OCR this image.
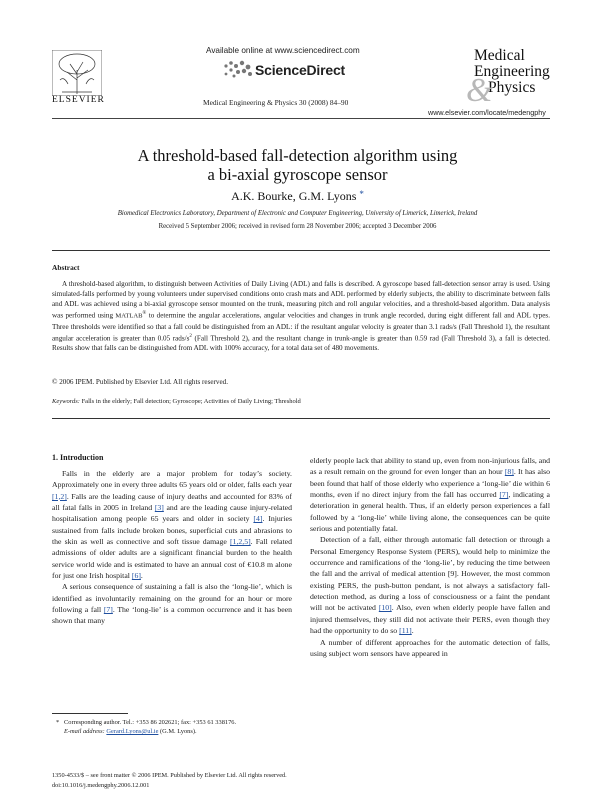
Available online at www.sciencedirect.com
ScienceDirect
ELSEVIER	Medical Engineering & Physics 30 (2008) 84–90
Medical
Engineering
&
Physics
www.elsevier.com/locate/medengphy
A threshold-based fall-detection algorithm using
a bi-axial gyroscope sensor
A.K. Bourke, G.M. Lyons *
Biomedical Electronics Laboratory, Department of Electronic and Computer Engineering, University of Limerick, Limerick, Ireland
Received 5 September 2006; received in revised form 28 November 2006; accepted 3 December 2006
Abstract
A threshold-based algorithm, to distinguish between Activities of Daily Living (ADL) and falls is described. A gyroscope based fall-detection sensor array is used. Using simulated-falls performed by young volunteers under supervised conditions onto crash mats and ADL performed by elderly subjects, the ability to discriminate between falls and ADL was achieved using a bi-axial gyroscope sensor mounted on the trunk, measuring pitch and roll angular velocities, and a threshold-based algorithm. Data analysis was performed using MATLAB® to determine the angular accelerations, angular velocities and changes in trunk angle recorded, during eight different fall and ADL types. Three thresholds were identified so that a fall could be distinguished from an ADL: if the resultant angular velocity is greater than 3.1 rads/s (Fall Threshold 1), the resultant angular acceleration is greater than 0.05 rads/$s^2$ (Fall Threshold 2), and the resultant change in trunk-angle is greater than 0.59 rad (Fall Threshold 3), a fall is detected. Results show that falls can be distinguished from ADL with 100% accuracy, for a total data set of 480 movements.
© 2006 IPEM. Published by Elsevier Ltd. All rights reserved.
Keywords: Falls in the elderly; Fall detection; Gyroscope; Activities of Daily Living; Threshold
1. Introduction

Falls in the elderly are a major problem for today’s society. Approximately one in every three adults 65 years old or older, falls each year [1,2]. Falls are the leading cause of injury deaths and accounted for 83% of all fatal falls in 2005 in Ireland [3] and are the leading cause injury-related hospitalisation among people 65 years and older in society [4]. Injuries sustained from falls include broken bones, superficial cuts and abrasions to the skin as well as connective and soft tissue damage [1,2,5]. Fall related admissions of older adults are a significant financial burden to the health service world wide and is estimated to have an annual cost of €10.8 m alone for just one Irish hospital [6].

A serious consequence of sustaining a fall is also the ‘long-lie’, which is identified as involuntarily remaining on the ground for an hour or more following a fall [7]. The ‘long-lie’ is a common occurrence and it has been shown that many

elderly people lack that ability to stand up, even from non-injurious falls, and as a result remain on the ground for even longer than an hour [8]. It has also been found that half of those elderly who experience a ‘long-lie’ die within 6 months, even if no direct injury from the fall has occurred [7], indicating a deterioration in general health. Thus, if an elderly person experiences a fall followed by a ‘long-lie’ while living alone, the consequences can be quite serious and potentially fatal.

Detection of a fall, either through automatic fall detection or through a Personal Emergency Response System (PERS), would help to minimize the occurrence and ramifications of the ‘long-lie’, by reducing the time between the fall and the arrival of medical attention [9]. However, the most common existing PERS, the push-button pendant, is not always a satisfactory fall-detection method, as during a loss of consciousness or a faint the pendant will not be activated [10]. Also, even when elderly people have fallen and injured themselves, they still did not activate their PERS, even though they had the opportunity to do so [11].

A number of different approaches for the automatic detection of falls, using subject worn sensors have appeared in

* Corresponding author. Tel.: +353 86 202621; fax: +353 61 338176.
E-mail address: Gerard.Lyons@ul.ie (G.M. Lyons).
1350-4533/$ – see front matter © 2006 IPEM. Published by Elsevier Ltd. All rights reserved.
doi:10.1016/j.medengphy.2006.12.001
